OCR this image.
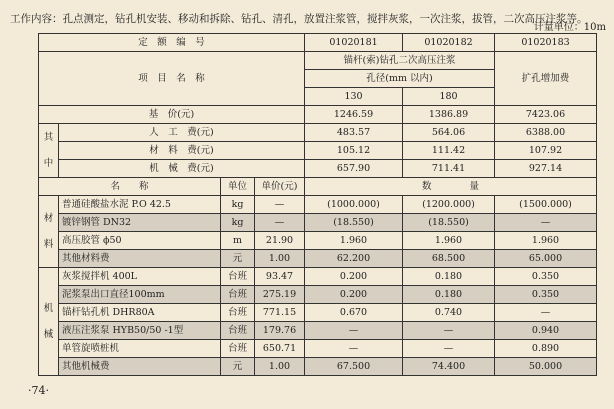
工作内容：孔点测定，钻孔机安装、移动和拆除、钻孔、清孔，放置注浆管，搅拌灰浆，一次注浆，拔管，二次高压注浆等。
计量单位：10m
定　额　编　号				01020181	01020182	01020183
项　目　名　称				锚杆(索)钻孔二次高压注浆		扩孔增加费
				孔径(mm 以内)		
				130	180	
基　价(元)				1246.59	1386.89	7423.06
其中	人　工　费(元)			483.57	564.06	6388.00
	材　料　费(元)			105.12	111.42	107.92
	机　械　费(元)			657.90	711.41	927.14
名　　称		单位	单价(元)	数　　　　量		
材料	普通硅酸盐水泥 P.O 42.5	kg	—	(1000.000)	(1200.000)	(1500.000)
	镀锌钢管 DN32	kg	—	(18.550)	(18.550)	—
	高压胶管 ϕ50	m	21.90	1.960	1.960	1.960
	其他材料费	元	1.00	62.200	68.500	65.000
机械	灰浆搅拌机 400L	台班	93.47	0.200	0.180	0.350
	泥浆泵出口直径100mm	台班	275.19	0.200	0.180	0.350
	锚杆钻孔机 DHR80A	台班	771.15	0.670	0.740	—
	液压注浆泵 HYB50/50 -1型	台班	179.76	—	—	0.940
	单管旋喷桩机	台班	650.71	—	—	0.890
	其他机械费	元	1.00	67.500	74.400	50.000
·74·
